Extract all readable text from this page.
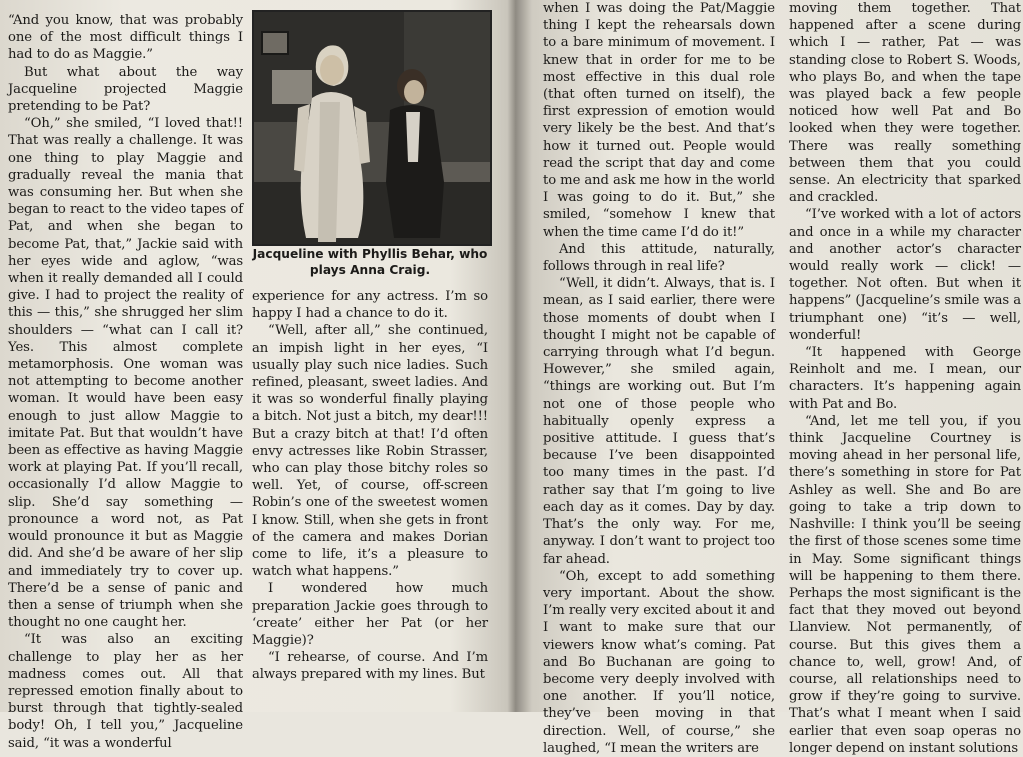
“And you know, that was probably one of the most difficult things I had to do as Maggie.”

But what about the way Jacqueline projected Maggie pretending to be Pat?

“Oh,” she smiled, “I loved that!! That was really a challenge. It was one thing to play Maggie and gradually reveal the mania that was consuming her. But when she began to react to the video tapes of Pat, and when she began to become Pat, that,” Jackie said with her eyes wide and aglow, “was when it really demanded all I could give. I had to project the reality of this — this,” she shrugged her slim shoulders — “what can I call it? Yes. This almost complete metamorphosis. One woman was not attempting to become another woman. It would have been easy enough to just allow Maggie to imitate Pat. But that wouldn’t have been as effective as having Maggie work at playing Pat. If you’ll recall, occasionally I’d allow Maggie to slip. She’d say something — pronounce a word not, as Pat would pronounce it but as Maggie did. And she’d be aware of her slip and immediately try to cover up. There’d be a sense of panic and then a sense of triumph when she thought no one caught her.

“It was also an exciting challenge to play her as her madness comes out. All that repressed emotion finally about to burst through that tightly-sealed body! Oh, I tell you,” Jacqueline said, “it was a wonderful

Jacqueline with Phyllis Behar, who plays Anna Craig.

experience for any actress. I’m so happy I had a chance to do it.

“Well, after all,” she continued, an impish light in her eyes, “I usually play such nice ladies. Such refined, pleasant, sweet ladies. And it was so wonderful finally playing a bitch. Not just a bitch, my dear!!! But a crazy bitch at that! I’d often envy actresses like Robin Strasser, who can play those bitchy roles so well. Yet, of course, off-screen Robin’s one of the sweetest women I know. Still, when she gets in front of the camera and makes Dorian come to life, it’s a pleasure to watch what happens.”

I wondered how much preparation Jackie goes through to ‘create’ either her Pat (or her Maggie)?

“I rehearse, of course. And I’m always prepared with my lines. But

when I was doing the Pat/Maggie thing I kept the rehearsals down to a bare minimum of movement. I knew that in order for me to be most effective in this dual role (that often turned on itself), the first expression of emotion would very likely be the best. And that’s how it turned out. People would read the script that day and come to me and ask me how in the world I was going to do it. But,” she smiled, “somehow I knew that when the time came I’d do it!”

And this attitude, naturally, follows through in real life?

“Well, it didn’t. Always, that is. I mean, as I said earlier, there were those moments of doubt when I thought I might not be capable of carrying through what I’d begun. However,” she smiled again, “things are working out. But I’m not one of those people who habitually openly express a positive attitude. I guess that’s because I’ve been disappointed too many times in the past. I’d rather say that I’m going to live each day as it comes. Day by day. That’s the only way. For me, anyway. I don’t want to project too far ahead.

“Oh, except to add something very important. About the show. I’m really very excited about it and I want to make sure that our viewers know what’s coming. Pat and Bo Buchanan are going to become very deeply involved with one another. If you’ll notice, they’ve been moving in that direction. Well, of course,” she laughed, “I mean the writers are

moving them together. That happened after a scene during which I — rather, Pat — was standing close to Robert S. Woods, who plays Bo, and when the tape was played back a few people noticed how well Pat and Bo looked when they were together. There was really something between them that you could sense. An electricity that sparked and crackled.

“I’ve worked with a lot of actors and once in a while my character and another actor’s character would really work — click! — together. Not often. But when it happens” (Jacqueline’s smile was a triumphant one) “it’s — well, wonderful!

“It happened with George Reinholt and me. I mean, our characters. It’s happening again with Pat and Bo.

“And, let me tell you, if you think Jacqueline Courtney is moving ahead in her personal life, there’s something in store for Pat Ashley as well. She and Bo are going to take a trip down to Nashville: I think you’ll be seeing the first of those scenes some time in May. Some significant things will be happening to them there. Perhaps the most significant is the fact that they moved out beyond Llanview. Not permanently, of course. But this gives them a chance to, well, grow! And, of course, all relationships need to grow if they’re going to survive. That’s what I meant when I said earlier that even soap operas no longer depend on instant solutions
